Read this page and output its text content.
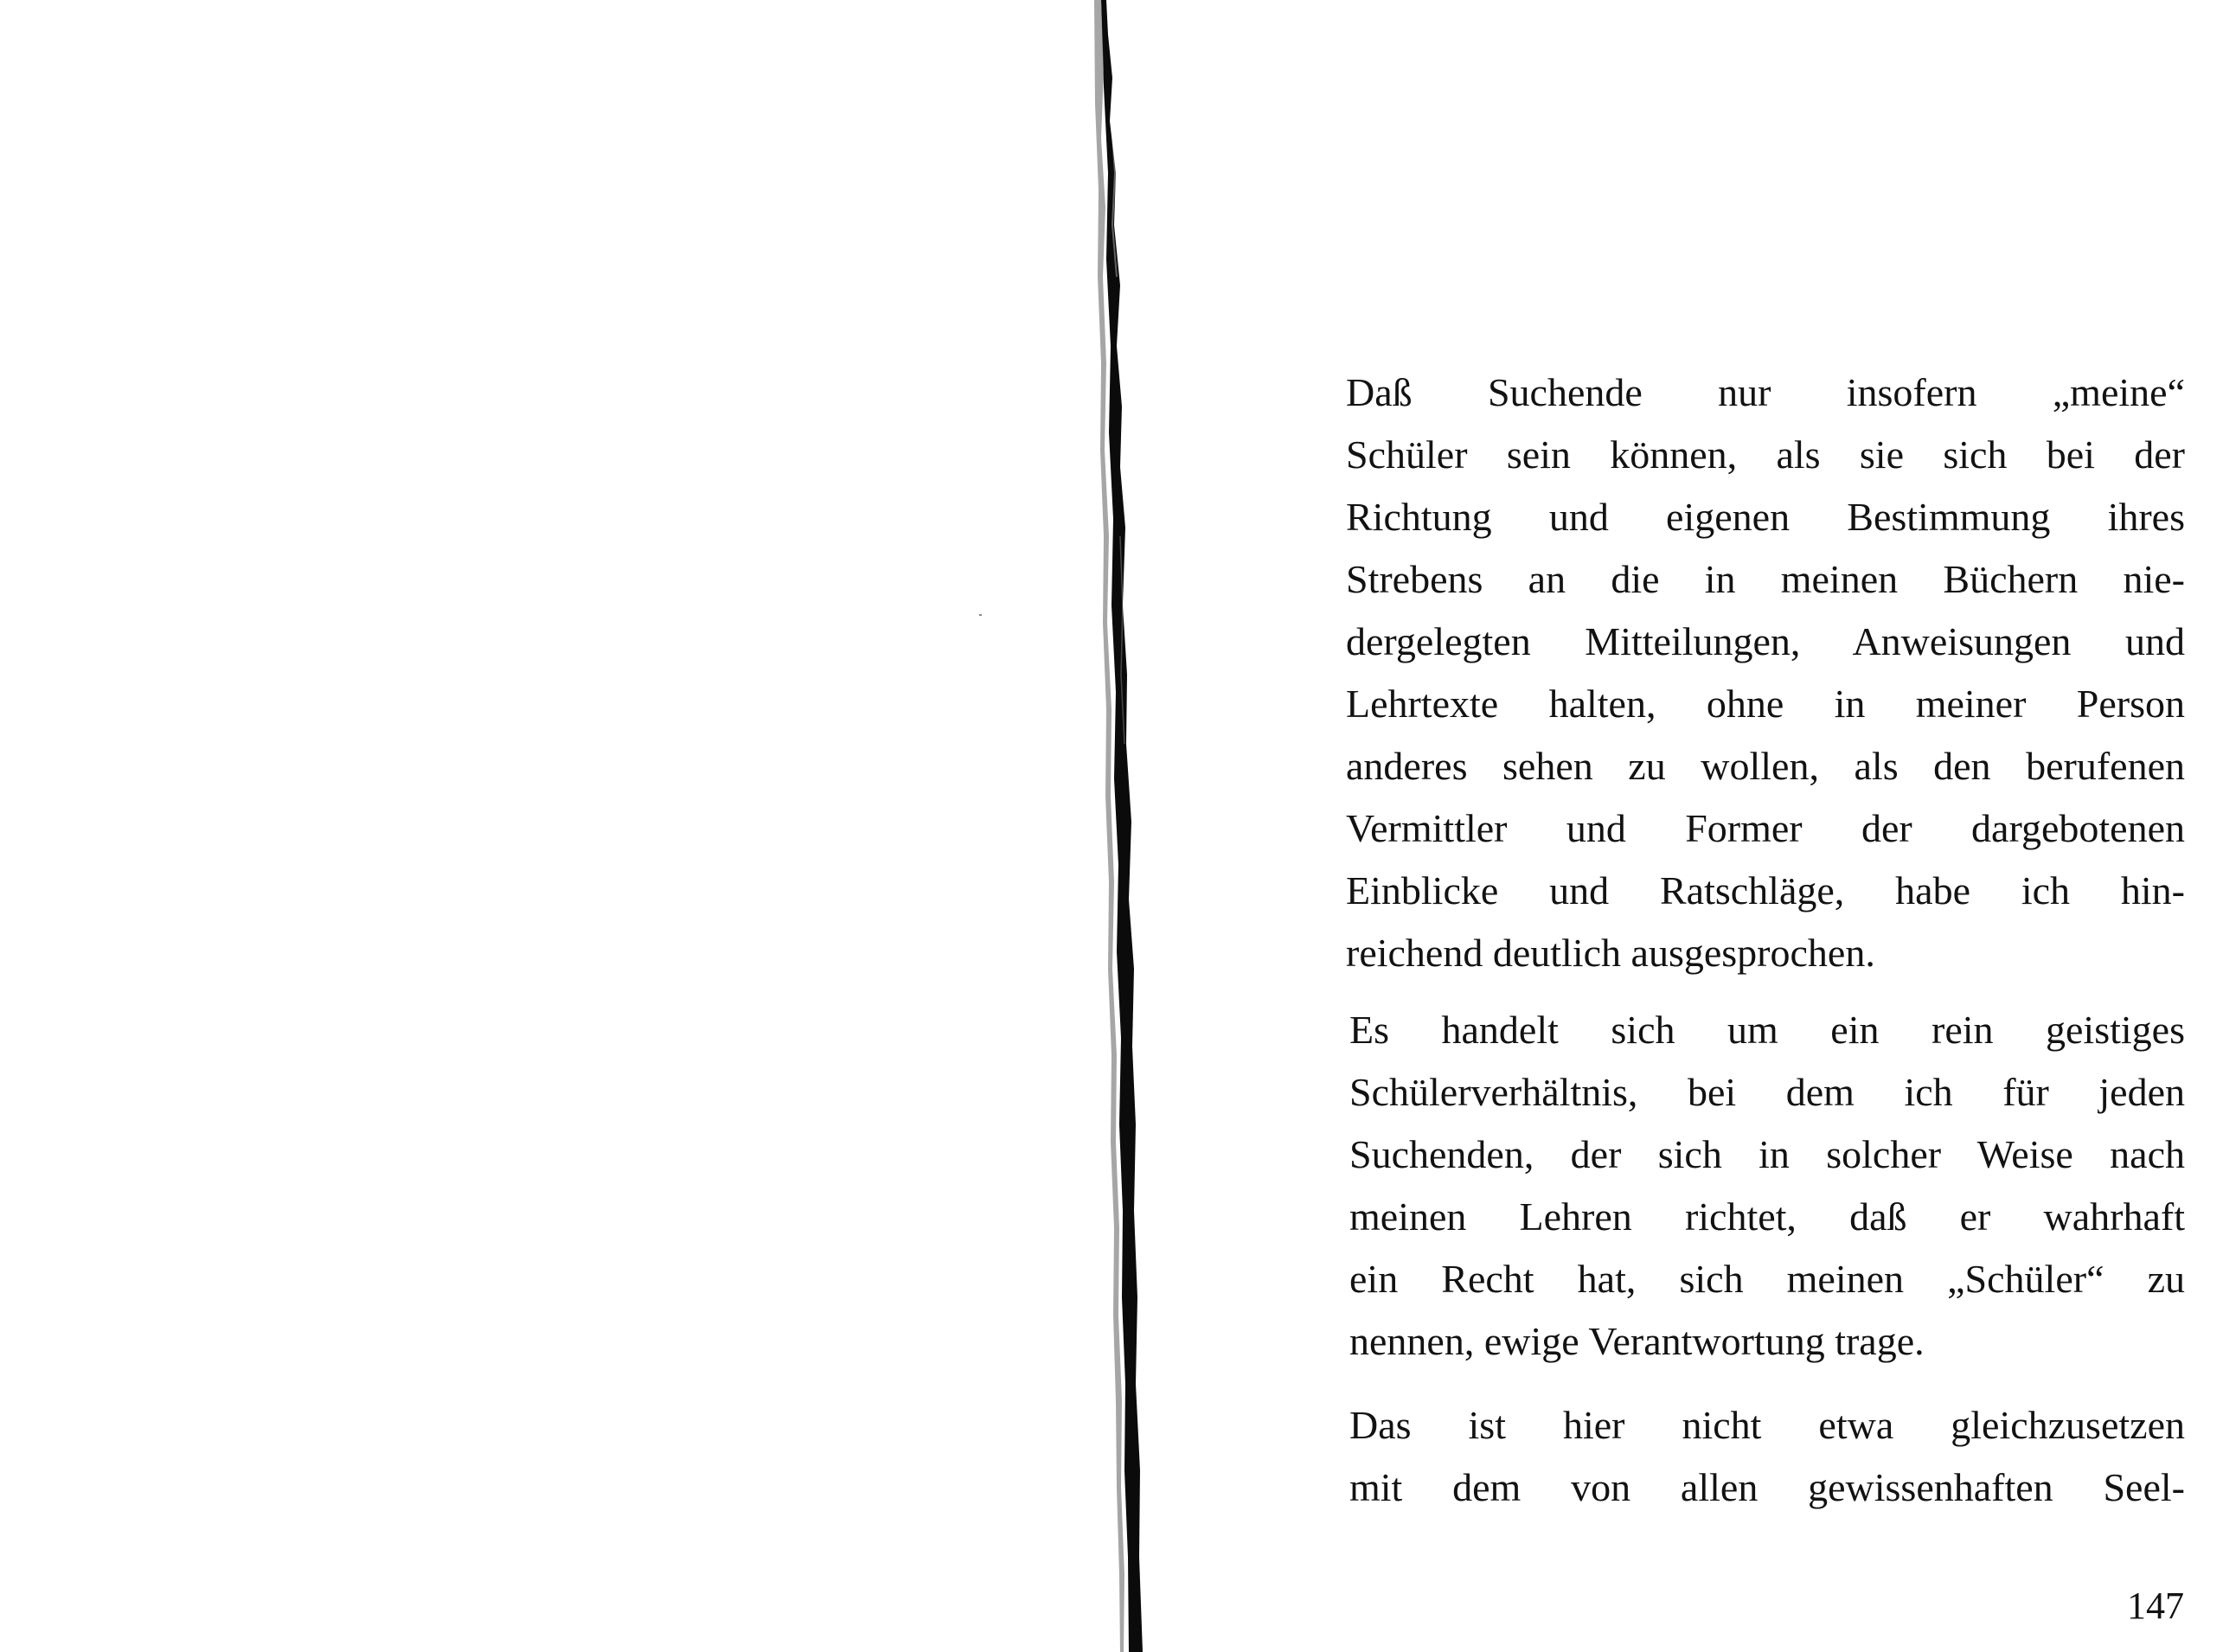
Daß Suchende nur insofern „meine“
Schüler sein können, als sie sich bei der
Richtung und eigenen Bestimmung ihres
Strebens an die in meinen Büchern nie-
dergelegten Mitteilungen, Anweisungen und
Lehrtexte halten, ohne in meiner Person
anderes sehen zu wollen, als den berufenen
Vermittler und Former der dargebotenen
Einblicke und Ratschläge, habe ich hin-
reichend deutlich ausgesprochen.

Es handelt sich um ein rein geistiges
Schülerverhältnis, bei dem ich für jeden
Suchenden, der sich in solcher Weise nach
meinen Lehren richtet, daß er wahrhaft
ein Recht hat, sich meinen „Schüler“ zu
nennen, ewige Verantwortung trage.

Das ist hier nicht etwa gleichzusetzen
mit dem von allen gewissenhaften Seel-

147
